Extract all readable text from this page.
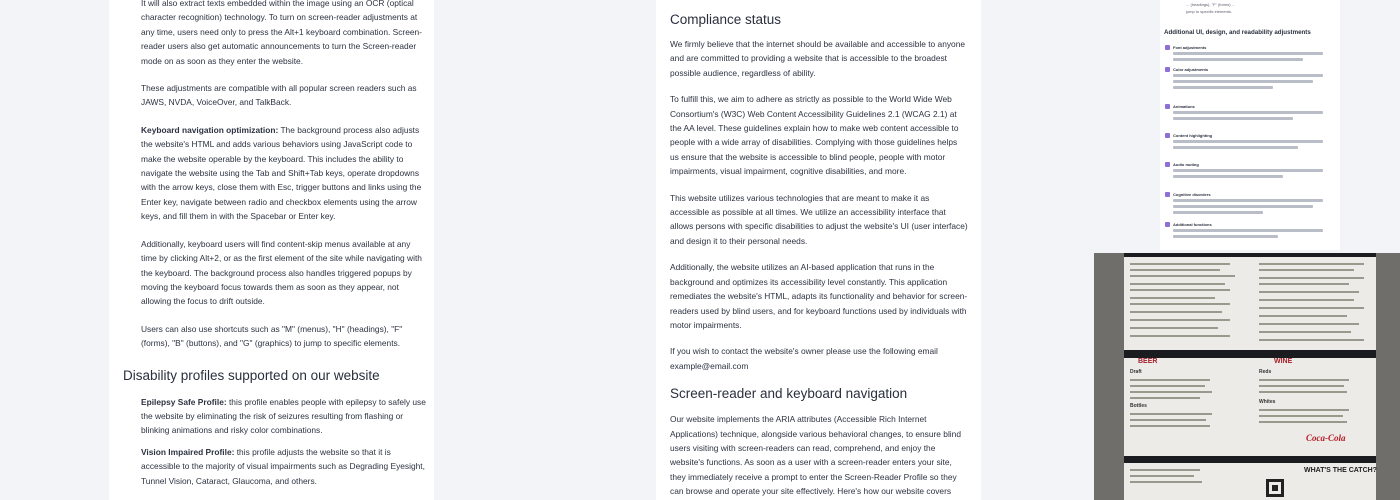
It will also extract texts embedded within the image using an OCR (optical character recognition) technology. To turn on screen-reader adjustments at any time, users need only to press the Alt+1 keyboard combination. Screen-reader users also get automatic announcements to turn the Screen-reader mode on as soon as they enter the website.

These adjustments are compatible with all popular screen readers such as JAWS, NVDA, VoiceOver, and TalkBack.

Keyboard navigation optimization: The background process also adjusts the website's HTML and adds various behaviors using JavaScript code to make the website operable by the keyboard. This includes the ability to navigate the website using the Tab and Shift+Tab keys, operate dropdowns with the arrow keys, close them with Esc, trigger buttons and links using the Enter key, navigate between radio and checkbox elements using the arrow keys, and fill them in with the Spacebar or Enter key.

Additionally, keyboard users will find content-skip menus available at any time by clicking Alt+2, or as the first element of the site while navigating with the keyboard. The background process also handles triggered popups by moving the keyboard focus towards them as soon as they appear, not allowing the focus to drift outside.

Users can also use shortcuts such as "M" (menus), "H" (headings), "F" (forms), "B" (buttons), and "G" (graphics) to jump to specific elements.

Disability profiles supported on our website

Epilepsy Safe Profile: this profile enables people with epilepsy to safely use the website by eliminating the risk of seizures resulting from flashing or blinking animations and risky color combinations.

Vision Impaired Profile: this profile adjusts the website so that it is accessible to the majority of visual impairments such as Degrading Eyesight, Tunnel Vision, Cataract, Glaucoma, and others.

Compliance status

We firmly believe that the internet should be available and accessible to anyone and are committed to providing a website that is accessible to the broadest possible audience, regardless of ability.

To fulfill this, we aim to adhere as strictly as possible to the World Wide Web Consortium's (W3C) Web Content Accessibility Guidelines 2.1 (WCAG 2.1) at the AA level. These guidelines explain how to make web content accessible to people with a wide array of disabilities. Complying with those guidelines helps us ensure that the website is accessible to blind people, people with motor impairments, visual impairment, cognitive disabilities, and more.

This website utilizes various technologies that are meant to make it as accessible as possible at all times. We utilize an accessibility interface that allows persons with specific disabilities to adjust the website's UI (user interface) and design it to their personal needs.

Additionally, the website utilizes an AI-based application that runs in the background and optimizes its accessibility level constantly. This application remediates the website's HTML, adapts its functionality and behavior for screen-readers used by blind users, and for keyboard functions used by individuals with motor impairments.

If you wish to contact the website's owner please use the following email example@email.com

Screen-reader and keyboard navigation

Our website implements the ARIA attributes (Accessible Rich Internet Applications) technique, alongside various behavioral changes, to ensure blind users visiting with screen-readers can read, comprehend, and enjoy the website's functions. As soon as a user with a screen-reader enters your site, they immediately receive a prompt to enter the Screen-Reader Profile so they can browse and operate your site effectively. Here's how our website covers

... (headings), "F" (forms) ...
jump to specific elements.
Additional UI, design, and readability adjustments
Font adjustments
Color adjustments
Animations
Content highlighting
Audio muting
Cognitive disorders
Additional functions
BEER	WINE
Draft	Reds
Bottles
Whites
Coca-Cola
WHAT'S THE CATCH?
